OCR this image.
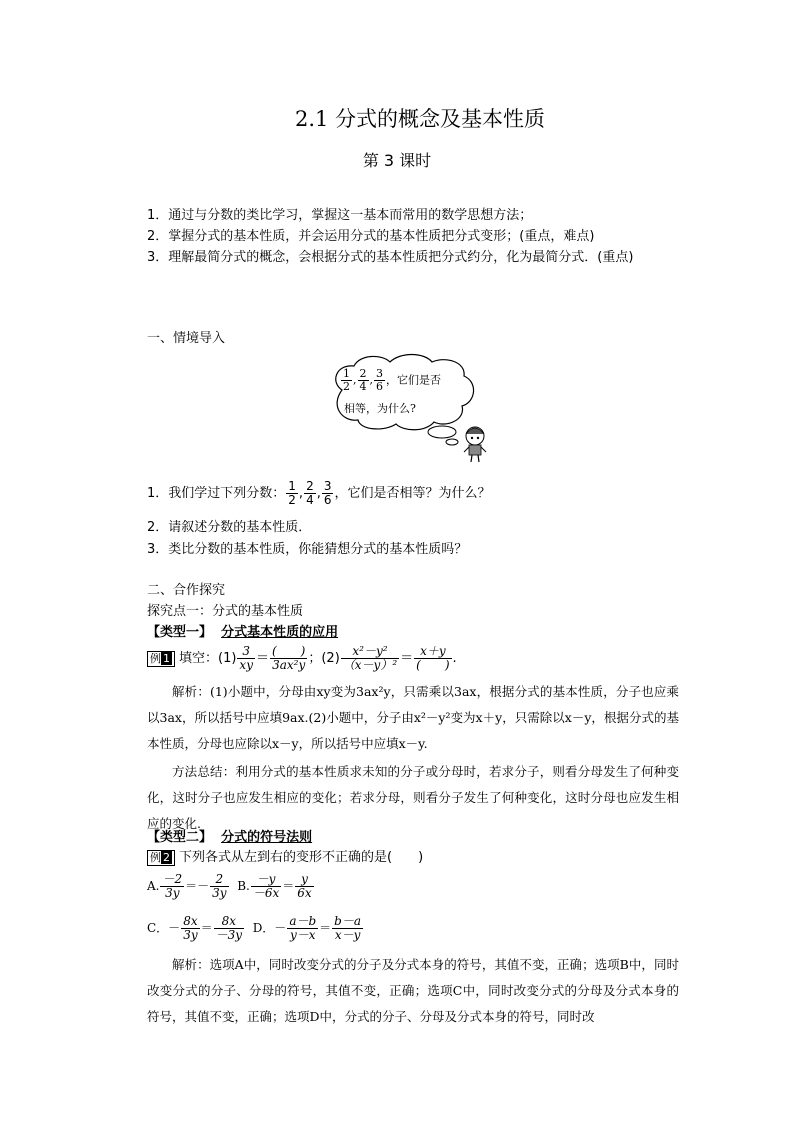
2.1 分式的概念及基本性质
第 3 课时
1．通过与分数的类比学习，掌握这一基本而常用的数学思想方法；
2．掌握分式的基本性质，并会运用分式的基本性质把分式变形；(重点，难点)
3．理解最简分式的概念，会根据分式的基本性质把分式约分，化为最简分式．(重点)
一、情境导入
$\frac{1}{2}$ , $\frac{2}{4}$ , $\frac{3}{6}$ ，它们是否
相等，为什么?
1．我们学过下列分数： $\frac{1}{2}$ , $\frac{2}{4}$ , $\frac{3}{6}$ ，它们是否相等？为什么？
2．请叙述分数的基本性质．
3．类比分数的基本性质，你能猜想分式的基本性质吗？
二、合作探究
探究点一：分式的基本性质
【类型一】 分式基本性质的应用
例 1 填空：$(1) \frac{3}{xy} = \frac{( )}{\text{3ax²y}}$ ；$(2) \frac{\text{x²－y²}}{\text{（x－y）²}} = \frac{x+y}{( )}$ .
解析：(1)小题中，分母由xy变为3ax²y，只需乘以3ax，根据分式的基本性质，分子也应乘以3ax，所以括号中应填9ax.(2)小题中，分子由x²－y²变为x＋y，只需除以x－y，根据分式的基本性质，分母也应除以x－y，所以括号中应填x－y.
方法总结：利用分式的基本性质求未知的分子或分母时，若求分子，则看分母发生了何种变化，这时分子也应发生相应的变化；若求分母，则看分子发生了何种变化，这时分母也应发生相应的变化.
【类型二】 分式的符号法则
例 2 下列各式从左到右的变形不正确的是(　　)
A. $\frac{-2}{3y} =- \frac{2}{3y} B$. $\frac{-y}{-6x} = \frac{y}{6x}$
C．－ $\frac{8x}{3y} = \frac{8x}{-3y}$ D．－ $\frac{a-b}{y-x} = \frac{b-a}{x-y}$
解析：选项A中，同时改变分式的分子及分式本身的符号，其值不变，正确；选项B中，同时改变分式的分子、分母的符号，其值不变，正确；选项C中，同时改变分式的分母及分式本身的符号，其值不变，正确；选项D中，分式的分子、分母及分式本身的符号，同时改
